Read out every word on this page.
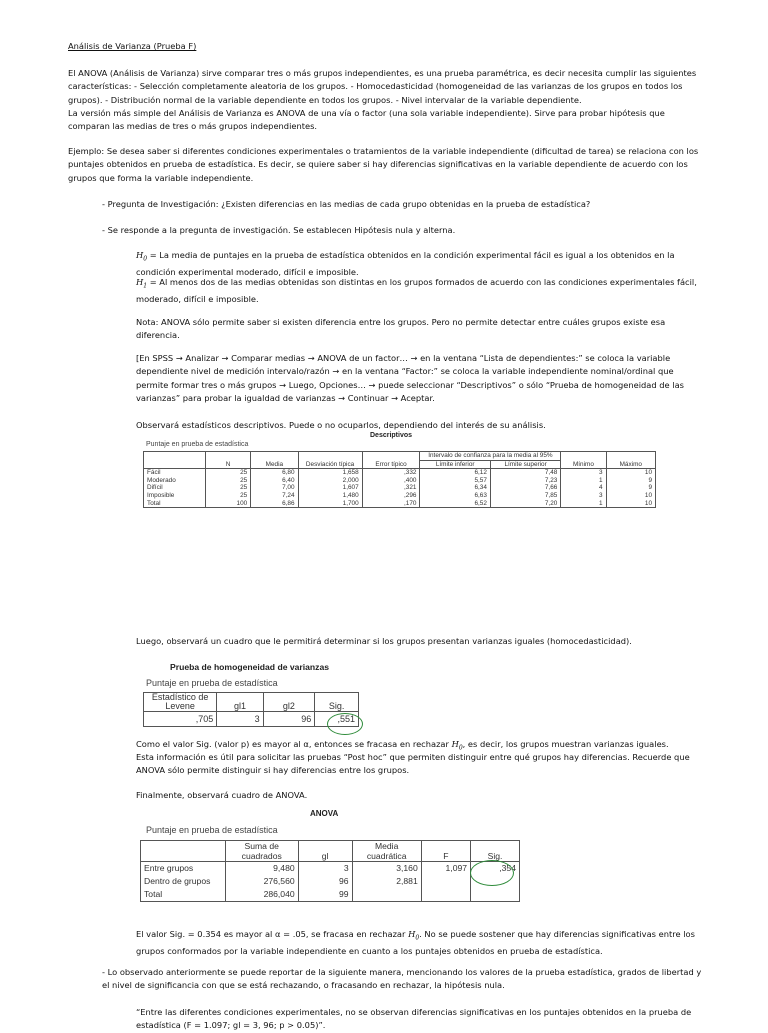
Análisis de Varianza (Prueba F)

El ANOVA (Análisis de Varianza) sirve comparar tres o más grupos independientes, es una prueba paramétrica, es decir necesita cumplir las siguientes características: - Selección completamente aleatoria de los grupos. - Homocedasticidad (homogeneidad de las varianzas de los grupos en todos los grupos). - Distribución normal de la variable dependiente en todos los grupos. - Nivel intervalar de la variable dependiente.

La versión más simple del Análisis de Varianza es ANOVA de una vía o factor (una sola variable independiente). Sirve para probar hipótesis que comparan las medias de tres o más grupos independientes.

Ejemplo: Se desea saber si diferentes condiciones experimentales o tratamientos de la variable independiente (dificultad de tarea) se relaciona con los puntajes obtenidos en prueba de estadística. Es decir, se quiere saber si hay diferencias significativas en la variable dependiente de acuerdo con los grupos que forma la variable independiente.

- Pregunta de Investigación: ¿Existen diferencias en las medias de cada grupo obtenidas en la prueba de estadística?

- Se responde a la pregunta de investigación. Se establecen Hipótesis nula y alterna.

$H_0 = La$ media de puntajes en la prueba de estadística obtenidos en la condición experimental fácil es igual a los obtenidos en la condición experimental moderado, difícil e imposible.

$H_1 = Al$ menos dos de las medias obtenidas son distintas en los grupos formados de acuerdo con las condiciones experimentales fácil, moderado, difícil e imposible.

Nota: ANOVA sólo permite saber si existen diferencia entre los grupos. Pero no permite detectar entre cuáles grupos existe esa diferencia.

[En SPSS → Analizar → Comparar medias → ANOVA de un factor… → en la ventana “Lista de dependientes:” se coloca la variable dependiente nivel de medición intervalo/razón → en la ventana “Factor:” se coloca la variable independiente nominal/ordinal que permite formar tres o más grupos → Luego, Opciones… → puede seleccionar “Descriptivos” o sólo “Prueba de homogeneidad de las varianzas” para probar la igualdad de varianzas → Continuar → Aceptar.

Observará estadísticos descriptivos. Puede o no ocuparlos, dependiendo del interés de su análisis.

Descriptivos
Puntaje en prueba de estadística
	N	Media	Desviación típica	Error típico	Intervalo de confianza para la media al 95%		Mínimo	Máximo
					Límite inferior	Límite superior		
Fácil	25	6,80	1,658	,332	6,12	7,48	3	10
Moderado	25	6,40	2,000	,400	5,57	7,23	1	9
Difícil	25	7,00	1,607	,321	6,34	7,66	4	9
Imposible	25	7,24	1,480	,296	6,63	7,85	3	10
Total	100	6,86	1,700	,170	6,52	7,20	1	10

Luego, observará un cuadro que le permitirá determinar si los grupos presentan varianzas iguales (homocedasticidad).

Prueba de homogeneidad de varianzas
Puntaje en prueba de estadística
Estadístico de Levene	gl1	gl2	Sig.
,705	3	96	,551

Como el valor Sig. (valor p) es mayor al α, entonces se fracasa en rechazar $H_0$, es decir, los grupos muestran varianzas iguales.

Esta información es útil para solicitar las pruebas “Post hoc” que permiten distinguir entre qué grupos hay diferencias. Recuerde que ANOVA sólo permite distinguir si hay diferencias entre los grupos.

Finalmente, observará cuadro de ANOVA.

ANOVA
Puntaje en prueba de estadística
	Suma de cuadrados	gl	Media cuadrática	F	Sig.
Entre grupos	9,480	3	3,160	1,097	,354
Dentro de grupos	276,560	96	2,881		
Total	286,040	99			

El valor Sig. = 0.354 es mayor al α = .05, se fracasa en rechazar $H_0$. No se puede sostener que hay diferencias significativas entre los grupos conformados por la variable independiente en cuanto a los puntajes obtenidos en prueba de estadística.

- Lo observado anteriormente se puede reportar de la siguiente manera, mencionando los valores de la prueba estadística, grados de libertad y el nivel de significancia con que se está rechazando, o fracasando en rechazar, la hipótesis nula.

“Entre las diferentes condiciones experimentales, no se observan diferencias significativas en los puntajes obtenidos en la prueba de estadística (F = 1.097; gl = 3, 96; p > 0.05)”.
